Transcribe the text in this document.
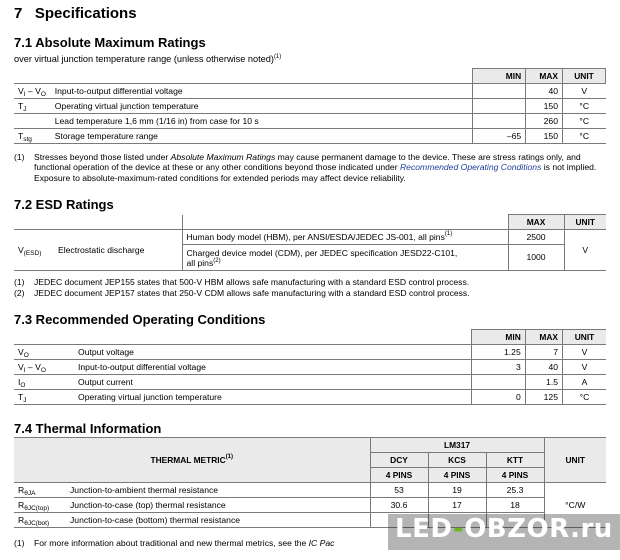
7 Specifications
7.1 Absolute Maximum Ratings
over virtual junction temperature range (unless otherwise noted)$^{(1)}$
		MIN	MAX	UNIT
$V_I - V_O$	Input-to-output differential voltage		40	V
$T_J$	Operating virtual junction temperature		150	°C
	Lead temperature 1,6 mm (1/16 in) from case for 10 s		260	°C
$T_{stg}$	Storage temperature range	–65	150	°C
(1) Stresses beyond those listed under Absolute Maximum Ratings may cause permanent damage to the device. These are stress ratings only, and functional operation of the device at these or any other conditions beyond those indicated under Recommended Operating Conditions is not implied. Exposure to absolute-maximum-rated conditions for extended periods may affect device reliability.
7.2 ESD Ratings
			MAX	UNIT
$V_{(ESD)}$	Electrostatic discharge	Human body model (HBM), per ANSI/ESDA/JEDEC JS-001, all pins$^{(1)}$	2500	V
		Charged device model (CDM), per JEDEC specification JESD22-C101,
all pins$^{(2)}$	1000	
(1) JEDEC document JEP155 states that 500-V HBM allows safe manufacturing with a standard ESD control process.
(2) JEDEC document JEP157 states that 250-V CDM allows safe manufacturing with a standard ESD control process.
7.3 Recommended Operating Conditions
		MIN	MAX	UNIT
$V_O$	Output voltage	1.25	7	V
$V_I - V_O$	Input-to-output differential voltage	3	40	V
$I_O$	Output current		1.5	A
$T_J$	Operating virtual junction temperature	0	125	°C
7.4 Thermal Information
THERMAL METRIC$^{(1)}$		LM317			UNIT
		DCY	KCS	KTT	
		4 PINS	4 PINS	4 PINS	
$R_{\theta JA}$	Junction-to-ambient thermal resistance	53	19	25.3	°C/W
$R_{\theta JC(top)}$	Junction-to-case (top) thermal resistance	30.6	17	18	
$R_{\theta JC(bot)}$	Junction-to-case (bottom) thermal resistance				
(1) For more information about traditional and new thermal metrics, see the IC Pac	LED-OBZOR.ru
